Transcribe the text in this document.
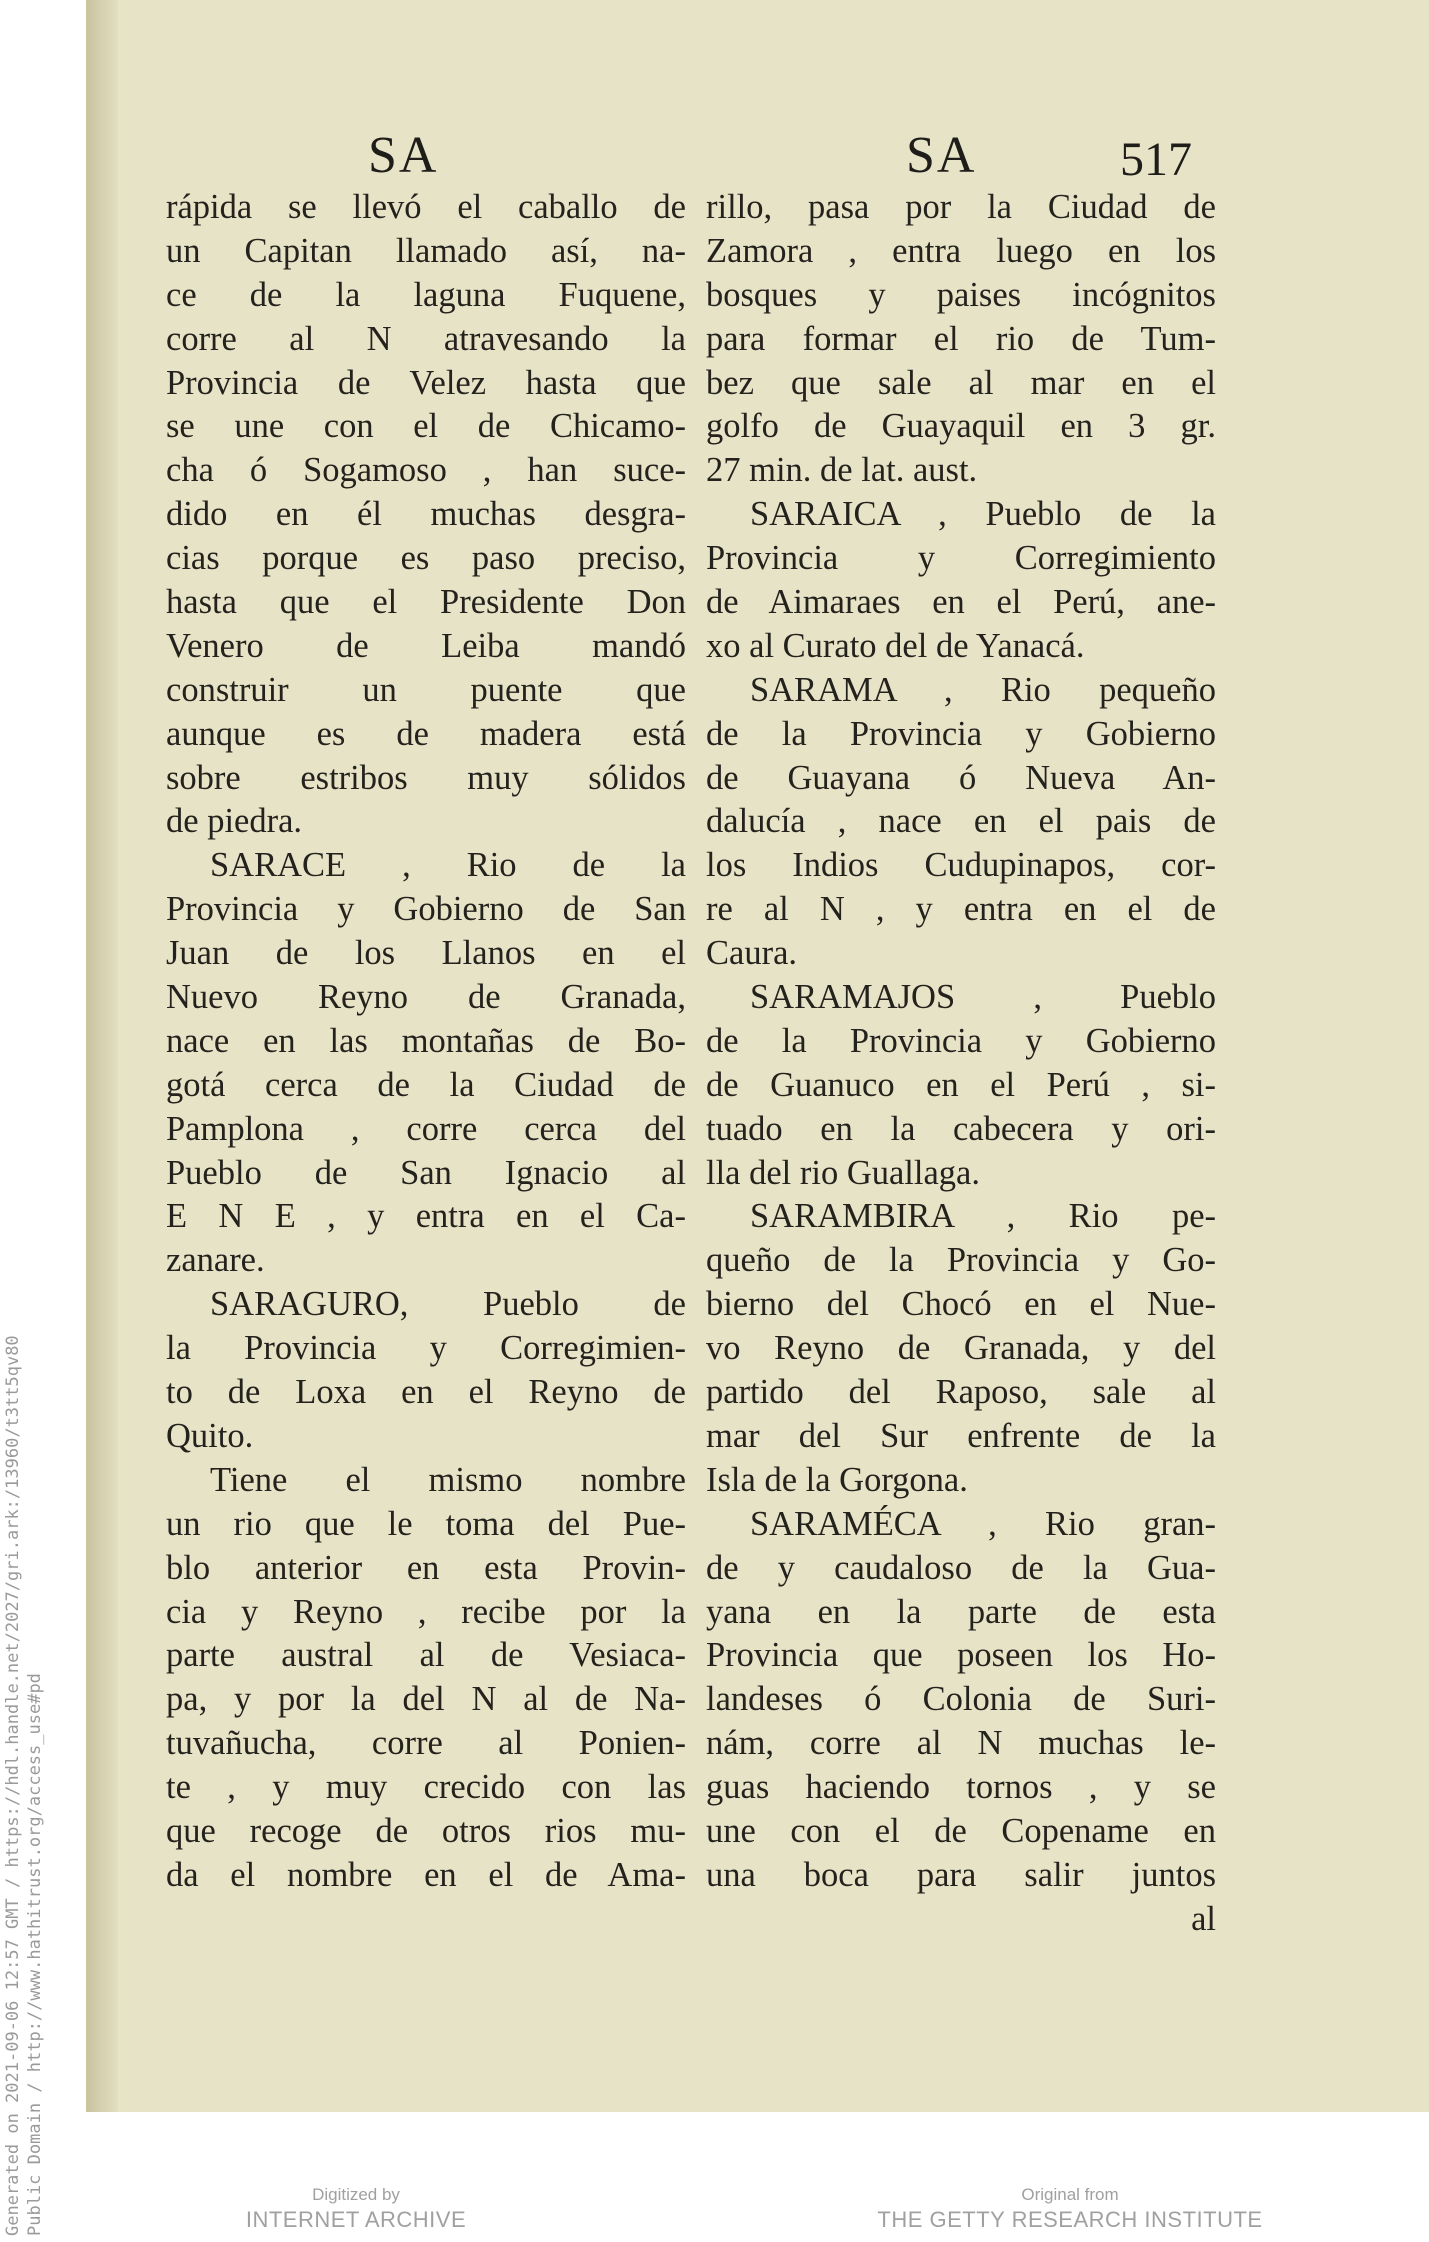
Generated on 2021-09-06 12:57 GMT / https://hdl.handle.net/2027/gri.ark:/13960/t3tt5qv80 Public Domain / http://www.hathitrust.org/access_use#pd
SA	SA	517
rápida se llevó el caballo de
un Capitan llamado así, na-
ce de la laguna Fuquene,
corre al N atravesando la
Provincia de Velez hasta que
se une con el de Chicamo-
cha ó Sogamoso , han suce-
dido en él muchas desgra-
cias porque es paso preciso,
hasta que el Presidente Don
Venero de Leiba mandó
construir un puente que
aunque es de madera está
sobre estribos muy sólidos
de piedra.
SARACE , Rio de la
Provincia y Gobierno de San
Juan de los Llanos en el
Nuevo Reyno de Granada,
nace en las montañas de Bo-
gotá cerca de la Ciudad de
Pamplona , corre cerca del
Pueblo de San Ignacio al
E N E , y entra en el Ca-
zanare.
SARAGURO, Pueblo de
la Provincia y Corregimien-
to de Loxa en el Reyno de
Quito.
Tiene el mismo nombre
un rio que le toma del Pue-
blo anterior en esta Provin-
cia y Reyno , recibe por la
parte austral al de Vesiaca-
pa, y por la del N al de Na-
tuvañucha, corre al Ponien-
te , y muy crecido con las
que recoge de otros rios mu-
da el nombre en el de Ama-
rillo, pasa por la Ciudad de
Zamora , entra luego en los
bosques y paises incógnitos
para formar el rio de Tum-
bez que sale al mar en el
golfo de Guayaquil en 3 gr.
27 min. de lat. aust.
SARAICA , Pueblo de la
Provincia y Corregimiento
de Aimaraes en el Perú, ane-
xo al Curato del de Yanacá.
SARAMA , Rio pequeño
de la Provincia y Gobierno
de Guayana ó Nueva An-
dalucía , nace en el pais de
los Indios Cudupinapos, cor-
re al N , y entra en el de
Caura.
SARAMAJOS , Pueblo
de la Provincia y Gobierno
de Guanuco en el Perú , si-
tuado en la cabecera y ori-
lla del rio Guallaga.
SARAMBIRA , Rio pe-
queño de la Provincia y Go-
bierno del Chocó en el Nue-
vo Reyno de Granada, y del
partido del Raposo, sale al
mar del Sur enfrente de la
Isla de la Gorgona.
SARAMÉCA , Rio gran-
de y caudaloso de la Gua-
yana en la parte de esta
Provincia que poseen los Ho-
landeses ó Colonia de Suri-
nám, corre al N muchas le-
guas haciendo tornos , y se
une con el de Copename en
una boca para salir juntos
al
Digitized by
INTERNET ARCHIVE
Original from
THE GETTY RESEARCH INSTITUTE
